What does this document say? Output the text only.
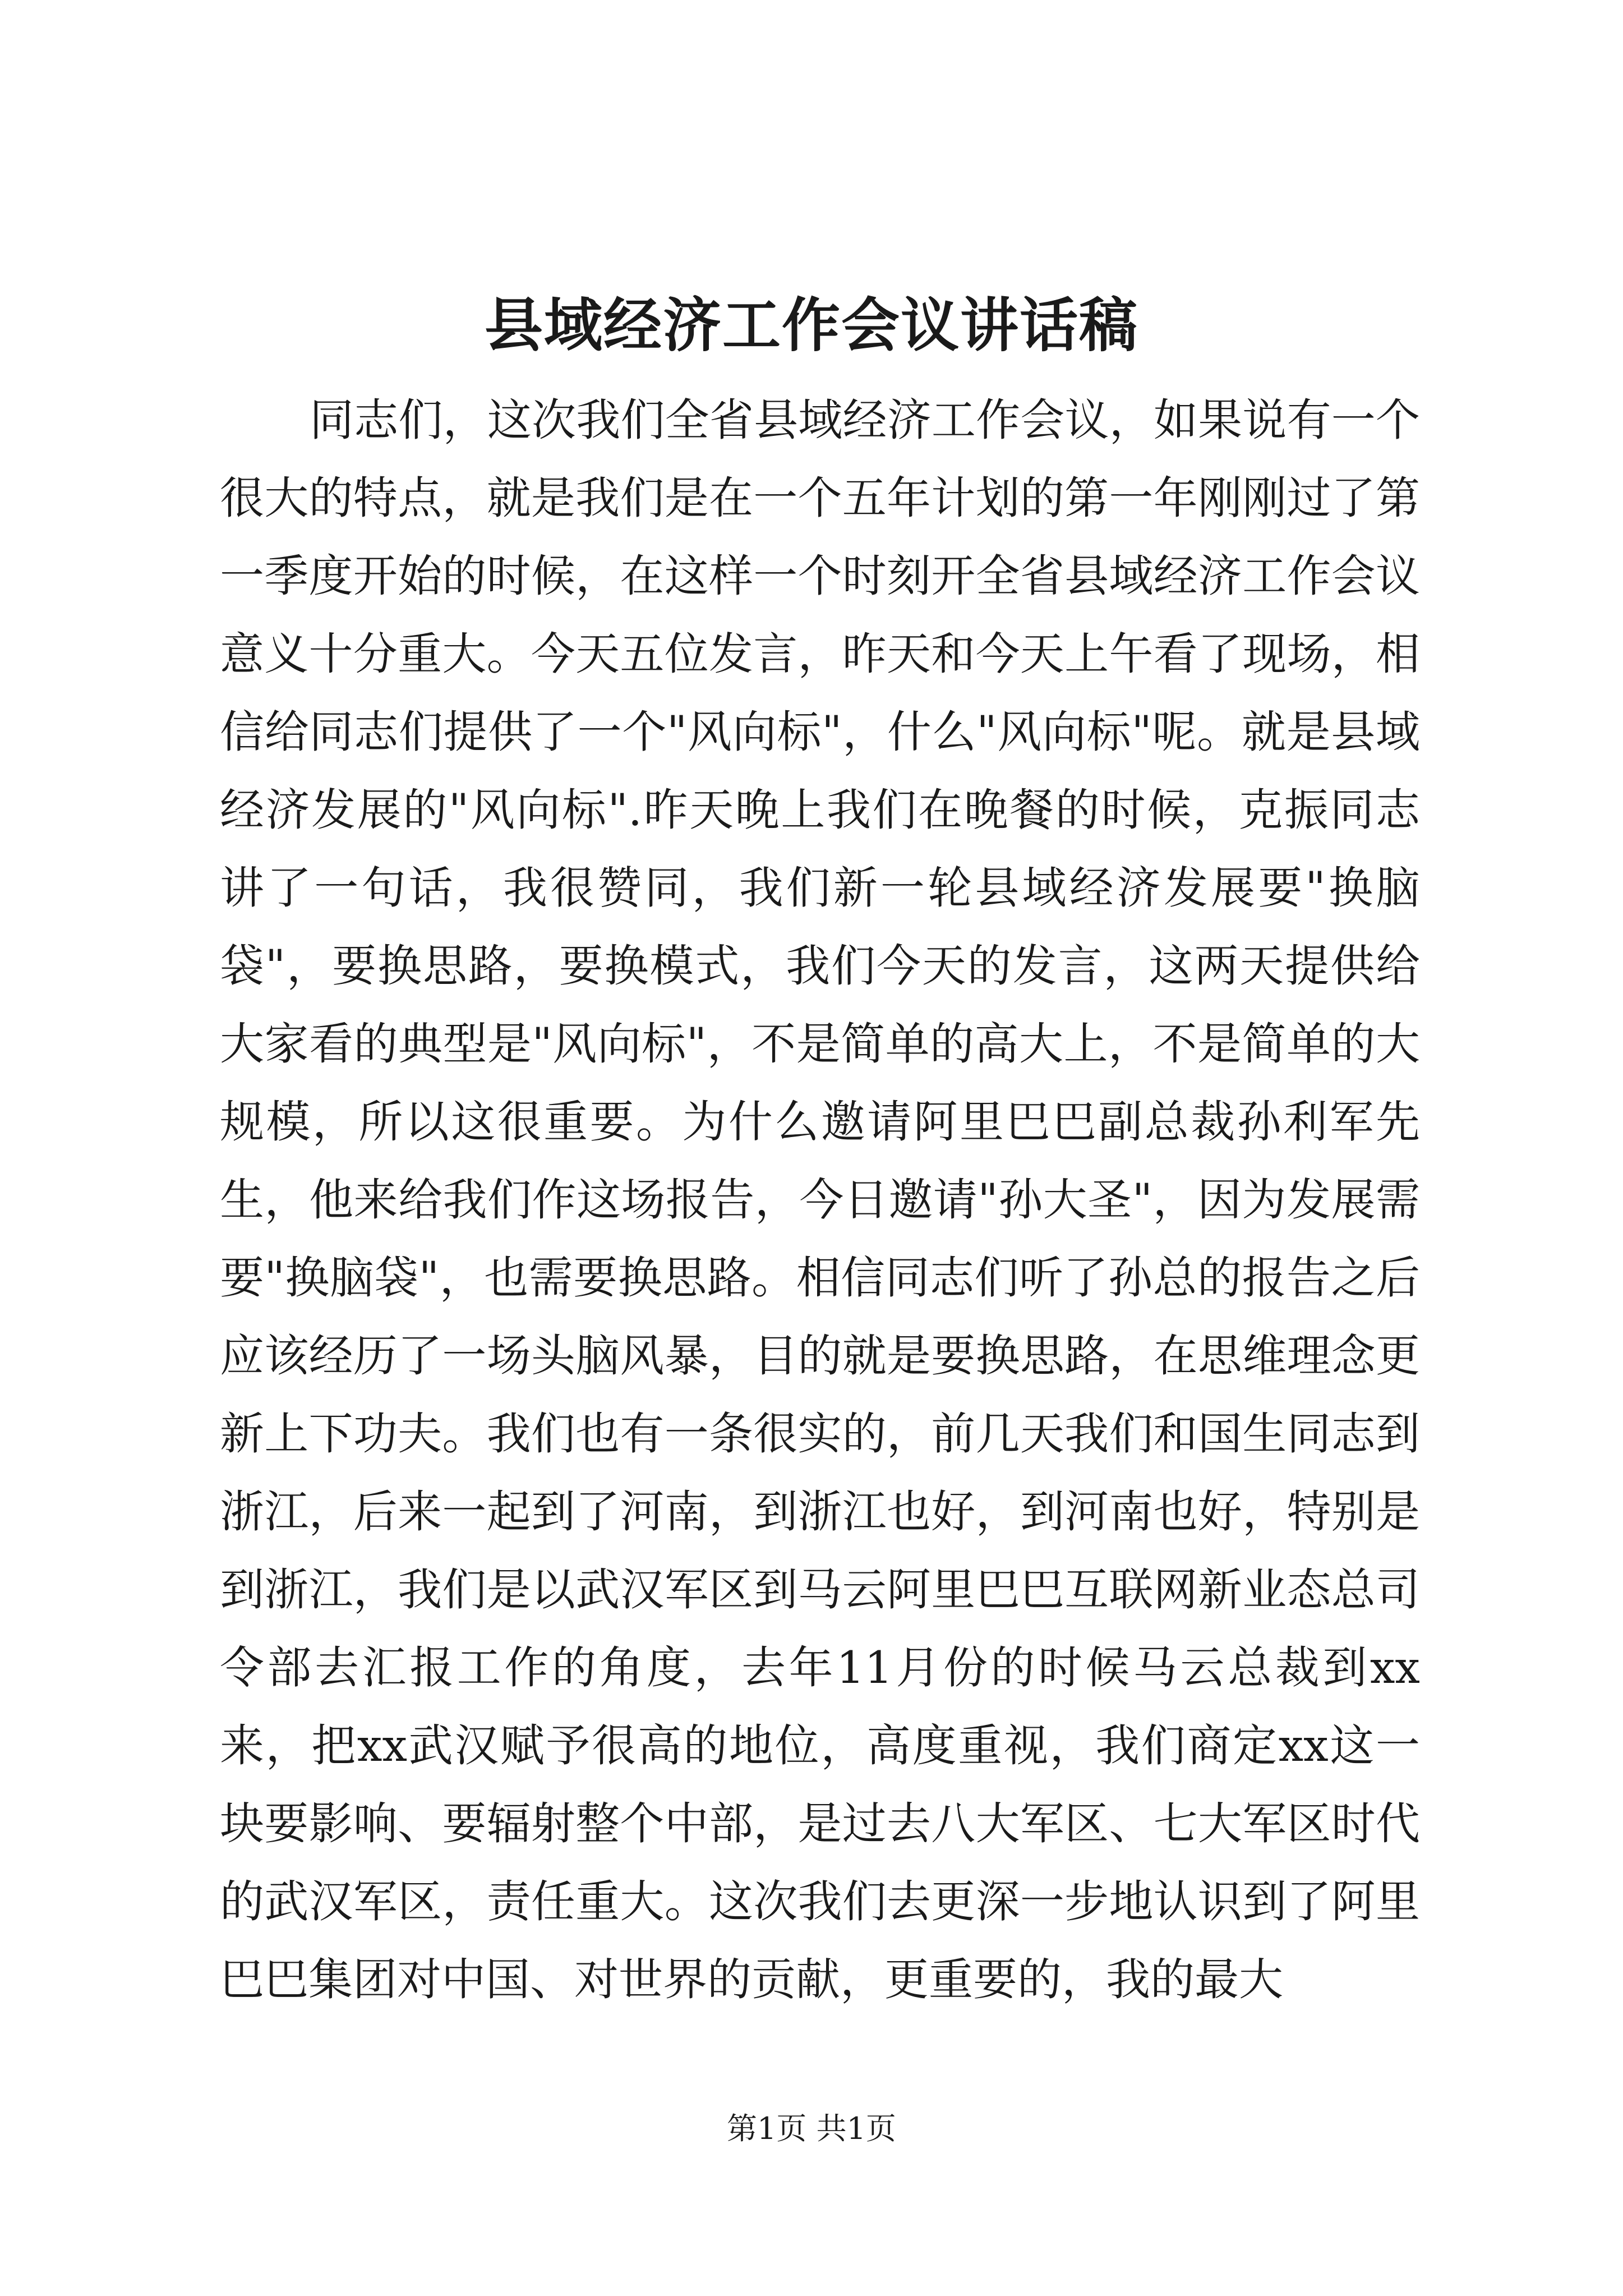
县域经济工作会议讲话稿

同志们，这次我们全省县域经济工作会议，如果说有一个很大的特点，就是我们是在一个五年计划的第一年刚刚过了第一季度开始的时候，在这样一个时刻开全省县域经济工作会议意义十分重大。今天五位发言，昨天和今天上午看了现场，相信给同志们提供了一个"风向标"，什么"风向标"呢。就是县域经济发展的"风向标".昨天晚上我们在晚餐的时候，克振同志讲了一句话，我很赞同，我们新一轮县域经济发展要"换脑袋"，要换思路，要换模式，我们今天的发言，这两天提供给大家看的典型是"风向标"，不是简单的高大上，不是简单的大规模，所以这很重要。为什么邀请阿里巴巴副总裁孙利军先生，他来给我们作这场报告，今日邀请"孙大圣"，因为发展需要"换脑袋"，也需要换思路。相信同志们听了孙总的报告之后应该经历了一场头脑风暴，目的就是要换思路，在思维理念更新上下功夫。我们也有一条很实的，前几天我们和国生同志到浙江，后来一起到了河南，到浙江也好，到河南也好，特别是到浙江，我们是以武汉军区到马云阿里巴巴互联网新业态总司令部去汇报工作的角度，去年11月份的时候马云总裁到xx来，把xx武汉赋予很高的地位，高度重视，我们商定xx这一块要影响、要辐射整个中部，是过去八大军区、七大军区时代的武汉军区，责任重大。这次我们去更深一步地认识到了阿里巴巴集团对中国、对世界的贡献，更重要的，我的最大

第1页 共1页
